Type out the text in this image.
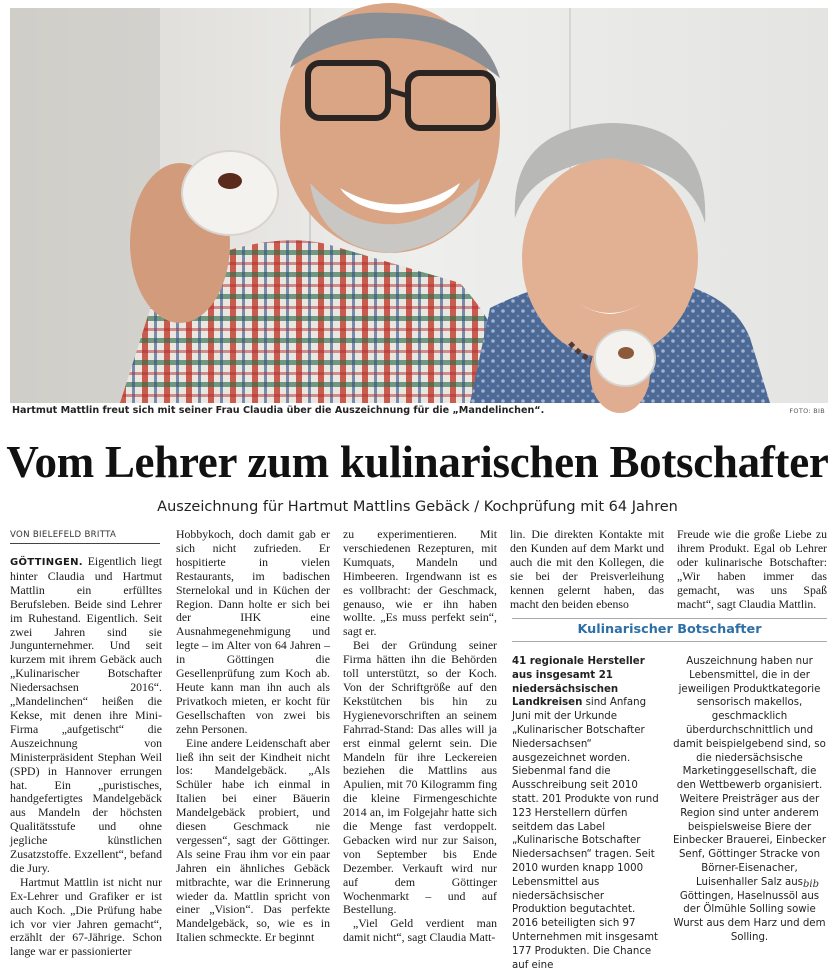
Hartmut Mattlin freut sich mit seiner Frau Claudia über die Auszeichnung für die „Mandelinchen“.	FOTO: BIB
Vom Lehrer zum kulinarischen Botschafter
Auszeichnung für Hartmut Mattlins Gebäck / Kochprüfung mit 64 Jahren
VON BIELEFELD BRITTA

GÖTTINGEN. Eigentlich liegt hinter Claudia und Hartmut Mattlin ein erfülltes Berufsleben. Beide sind Lehrer im Ruhestand. Eigentlich. Seit zwei Jahren sind sie Jungunternehmer. Und seit kurzem mit ihrem Gebäck auch „Kulinarischer Botschafter Niedersachsen 2016“. „Mandelinchen“ heißen die Kekse, mit denen ihre Mini-Firma „aufgetischt“ die Auszeichnung von Ministerpräsident Stephan Weil (SPD) in Hannover errungen hat. Ein „puristisches, handgefertigtes Mandelgebäck aus Mandeln der höchsten Qualitätsstufe und ohne jegliche künstlichen Zusatzstoffe. Exzellent“, befand die Jury.

Hartmut Mattlin ist nicht nur Ex-Lehrer und Grafiker er ist auch Koch. „Die Prüfung habe ich vor vier Jahren gemacht“, erzählt der 67-Jährige. Schon lange war er passionierter

Hobbykoch, doch damit gab er sich nicht zufrieden. Er hospitierte in vielen Restaurants, im badischen Sternelokal und in Küchen der Region. Dann holte er sich bei der IHK eine Ausnahmegenehmigung und legte – im Alter von 64 Jahren – in Göttingen die Gesellenprüfung zum Koch ab. Heute kann man ihn auch als Privatkoch mieten, er kocht für Gesellschaften von zwei bis zehn Personen.

Eine andere Leidenschaft aber ließ ihn seit der Kindheit nicht los: Mandelgebäck. „Als Schüler habe ich einmal in Italien bei einer Bäuerin Mandelgebäck probiert, und diesen Geschmack nie vergessen“, sagt der Göttinger. Als seine Frau ihm vor ein paar Jahren ein ähnliches Gebäck mitbrachte, war die Erinnerung wieder da. Mattlin spricht von einer „Vision“. Das perfekte Mandelgebäck, so, wie es in Italien schmeckte. Er beginnt

zu experimentieren. Mit verschiedenen Rezepturen, mit Kumquats, Mandeln und Himbeeren. Irgendwann ist es es vollbracht: der Geschmack, genauso, wie er ihn haben wollte. „Es muss perfekt sein“, sagt er.

Bei der Gründung seiner Firma hätten ihn die Behörden toll unterstützt, so der Koch. Von der Schriftgröße auf den Kekstütchen bis hin zu Hygienevorschriften an seinem Fahrrad-Stand: Das alles will ja erst einmal gelernt sein. Die Mandeln für ihre Leckereien beziehen die Mattlins aus Apulien, mit 70 Kilogramm fing die kleine Firmengeschichte 2014 an, im Folgejahr hatte sich die Menge fast verdoppelt. Gebacken wird nur zur Saison, von September bis Ende Dezember. Verkauft wird nur auf dem Göttinger Wochenmarkt – und auf Bestellung.

„Viel Geld verdient man damit nicht“, sagt Claudia Matt-

lin. Die direkten Kontakte mit den Kunden auf dem Markt und auch die mit den Kollegen, die sie bei der Preisverleihung kennen gelernt haben, das macht den beiden ebenso

Freude wie die große Liebe zu ihrem Produkt. Egal ob Lehrer oder kulinarische Botschafter: „Wir haben immer das gemacht, was uns Spaß macht“, sagt Claudia Mattlin.

Kulinarischer Botschafter

41 regionale Hersteller aus insgesamt 21 niedersächsischen Landkreisen sind Anfang Juni mit der Urkunde „Kulinarischer Botschafter Niedersachsen“ ausgezeichnet worden. Siebenmal fand die Ausschreibung seit 2010 statt. 201 Produkte von rund 123 Herstellern dürfen seitdem das Label „Kulinarische Botschafter Niedersachsen“ tragen. Seit 2010 wurden knapp 1000 Lebensmittel aus niedersächsischer Produktion begutachtet. 2016 beteiligten sich 97 Unternehmen mit insgesamt 177 Produkten. Die Chance auf eine

Auszeichnung haben nur Lebensmittel, die in der jeweiligen Produktkategorie sensorisch makellos, geschmacklich überdurchschnittlich und damit beispielgebend sind, so die niedersächsische Marketinggesellschaft, die den Wettbewerb organisiert. Weitere Preisträger aus der Region sind unter anderem beispielsweise Biere der Einbecker Brauerei, Einbecker Senf, Göttinger Stracke von Börner-Eisenacher, Luisenhaller Salz aus Göttingen, Haselnussöl aus der Ölmühle Solling sowie Wurst aus dem Harz und dem Solling.

bib
